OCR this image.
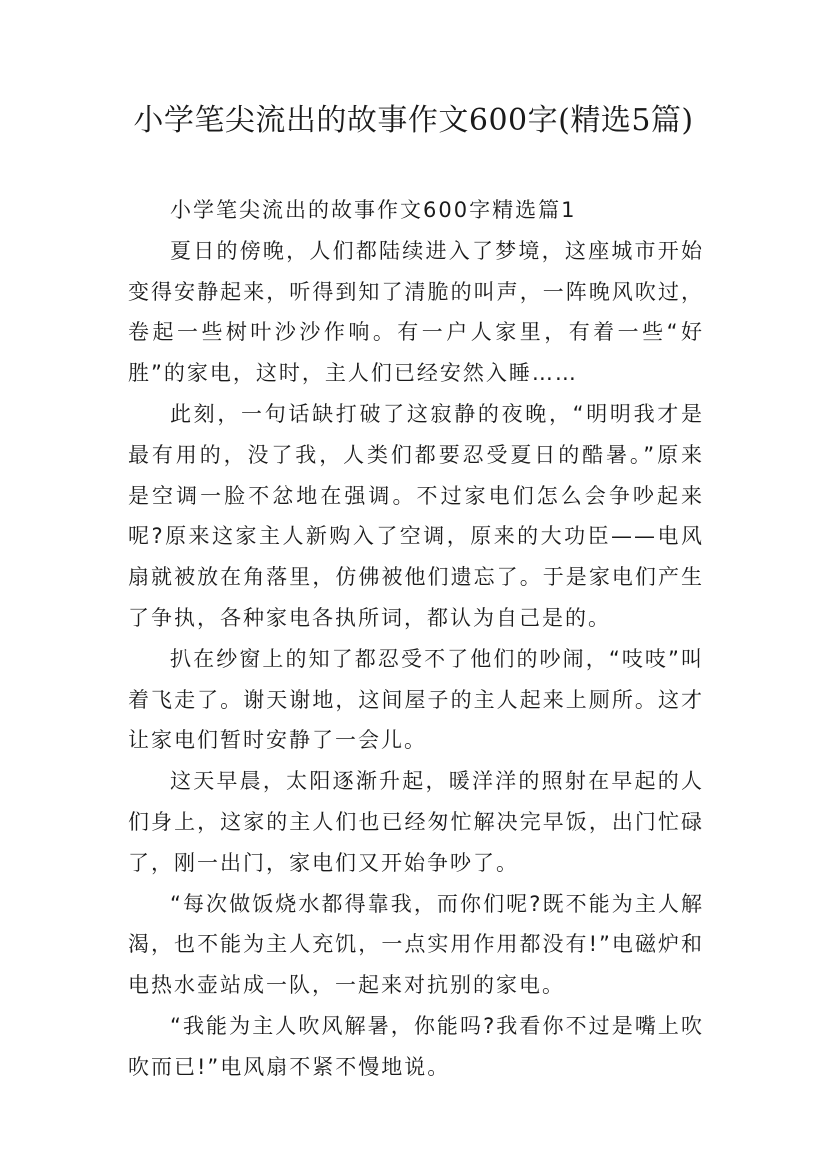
小学笔尖流出的故事作文600字(精选5篇)

小学笔尖流出的故事作文600字精选篇1

夏日的傍晚，人们都陆续进入了梦境，这座城市开始变得安静起来，听得到知了清脆的叫声，一阵晚风吹过，卷起一些树叶沙沙作响。有一户人家里，有着一些“好胜”的家电，这时，主人们已经安然入睡……

此刻，一句话缺打破了这寂静的夜晚，“明明我才是最有用的，没了我，人类们都要忍受夏日的酷暑。”原来是空调一脸不忿地在强调。不过家电们怎么会争吵起来呢?原来这家主人新购入了空调，原来的大功臣——电风扇就被放在角落里，仿佛被他们遗忘了。于是家电们产生了争执，各种家电各执所词，都认为自己是的。

扒在纱窗上的知了都忍受不了他们的吵闹，“吱吱”叫着飞走了。谢天谢地，这间屋子的主人起来上厕所。这才让家电们暂时安静了一会儿。

这天早晨，太阳逐渐升起，暖洋洋的照射在早起的人们身上，这家的主人们也已经匆忙解决完早饭，出门忙碌了，刚一出门，家电们又开始争吵了。

“每次做饭烧水都得靠我，而你们呢?既不能为主人解渴，也不能为主人充饥，一点实用作用都没有!”电磁炉和电热水壶站成一队，一起来对抗别的家电。

“我能为主人吹风解暑，你能吗?我看你不过是嘴上吹吹而已!”电风扇不紧不慢地说。
